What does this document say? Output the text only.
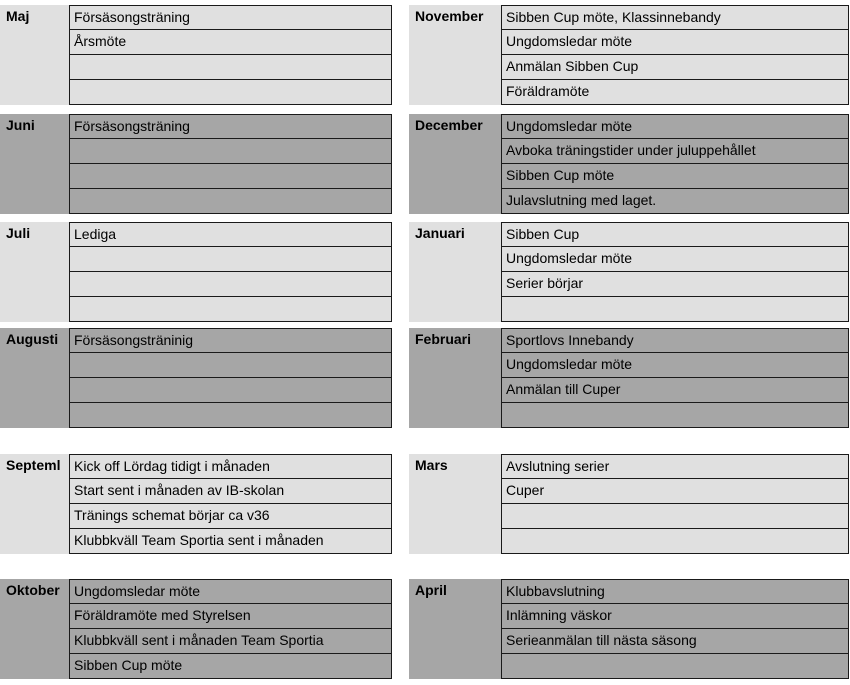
Maj	Försäsongsträning
Årsmöte
Juni	Försäsongsträning
Juli	Lediga
Augusti	Försäsongstränin​ig
Septeml Kick off Lördag tidigt i månaden
Start sent i månaden av IB-skolan
Tränings schemat börjar ca v36
Klubbkväll Team Sportia sent i månaden
Oktober	Ungdomsledar möte
Föräldramöte med Styrelsen
Klubbkväll sent i månaden Team Sportia
Sibben Cup möte
November	Sibben Cup möte, Klassinnebandy
Ungdomsledar möte
Anmälan Sibben Cup
Föräldramöte
December	Ungdomsledar möte
Avboka träningstider under juluppehållet
Sibben Cup möte
Julavslutning med laget.
Januari	Sibben Cup
Ungdomsledar möte
Serier börjar
Februari	Sportlovs Innebandy
Ungdomsledar möte
Anmälan till Cuper
Mars	Avslutning serier
Cuper
April	Klubbavslutning
Inlämning väskor
Serieanmälan till nästa säsong
